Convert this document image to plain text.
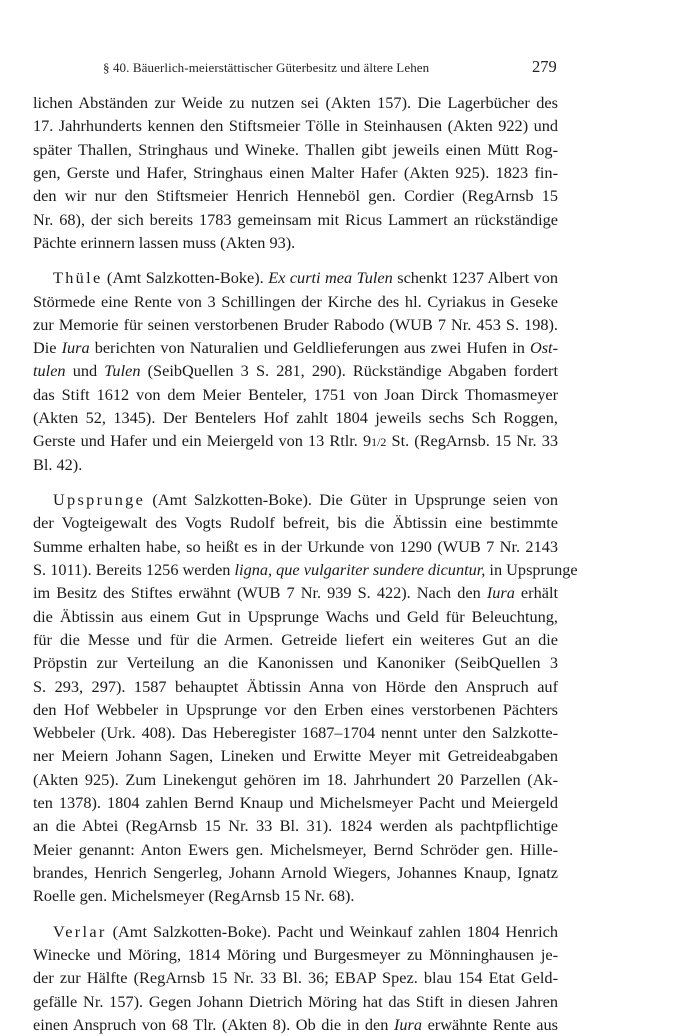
§ 40. Bäuerlich-meierstättischer Güterbesitz und ältere Lehen	279
lichen Abständen zur Weide zu nutzen sei (Akten 157). Die Lagerbücher des
17. Jahrhunderts kennen den Stiftsmeier Tölle in Steinhausen (Akten 922) und
später Thallen, Stringhaus und Wineke. Thallen gibt jeweils einen Mütt Rog-
gen, Gerste und Hafer, Stringhaus einen Malter Hafer (Akten 925). 1823 fin-
den wir nur den Stiftsmeier Henrich Henneböl gen. Cordier (RegArnsb 15
Nr. 68), der sich bereits 1783 gemeinsam mit Ricus Lammert an rückständige
Pächte erinnern lassen muss (Akten 93).
Thüle (Amt Salzkotten-Boke). Ex curti mea Tulen schenkt 1237 Albert von
Störmede eine Rente von 3 Schillingen der Kirche des hl. Cyriakus in Geseke
zur Memorie für seinen verstorbenen Bruder Rabodo (WUB 7 Nr. 453 S. 198).
Die Iura berichten von Naturalien und Geldlieferungen aus zwei Hufen in Ost-
tulen und Tulen (SeibQuellen 3 S. 281, 290). Rückständige Abgaben fordert
das Stift 1612 von dem Meier Benteler, 1751 von Joan Dirck Thomasmeyer
(Akten 52, 1345). Der Bentelers Hof zahlt 1804 jeweils sechs Sch Roggen,
Gerste und Hafer und ein Meiergeld von 13 Rtlr. 91/2 St. (RegArnsb. 15 Nr. 33
Bl. 42).
Upsprunge (Amt Salzkotten-Boke). Die Güter in Upsprunge seien von
der Vogteigewalt des Vogts Rudolf befreit, bis die Äbtissin eine bestimmte
Summe erhalten habe, so heißt es in der Urkunde von 1290 (WUB 7 Nr. 2143
S. 1011). Bereits 1256 werden ligna, que vulgariter sundere dicuntur, in Upsprunge
im Besitz des Stiftes erwähnt (WUB 7 Nr. 939 S. 422). Nach den Iura erhält
die Äbtissin aus einem Gut in Upsprunge Wachs und Geld für Beleuchtung,
für die Messe und für die Armen. Getreide liefert ein weiteres Gut an die
Pröpstin zur Verteilung an die Kanonissen und Kanoniker (SeibQuellen 3
S. 293, 297). 1587 behauptet Äbtissin Anna von Hörde den Anspruch auf
den Hof Webbeler in Upsprunge vor den Erben eines verstorbenen Pächters
Webbeler (Urk. 408). Das Heberegister 1687–1704 nennt unter den Salzkotte-
ner Meiern Johann Sagen, Lineken und Erwitte Meyer mit Getreideabgaben
(Akten 925). Zum Linekengut gehören im 18. Jahrhundert 20 Parzellen (Ak-
ten 1378). 1804 zahlen Bernd Knaup und Michelsmeyer Pacht und Meiergeld
an die Abtei (RegArnsb 15 Nr. 33 Bl. 31). 1824 werden als pachtpflichtige
Meier genannt: Anton Ewers gen. Michelsmeyer, Bernd Schröder gen. Hille-
brandes, Henrich Sengerleg, Johann Arnold Wiegers, Johannes Knaup, Ignatz
Roelle gen. Michelsmeyer (RegArnsb 15 Nr. 68).
Verlar (Amt Salzkotten-Boke). Pacht und Weinkauf zahlen 1804 Henrich
Winecke und Möring, 1814 Möring und Burgesmeyer zu Mönninghausen je-
der zur Hälfte (RegArnsb 15 Nr. 33 Bl. 36; EBAP Spez. blau 154 Etat Geld-
gefälle Nr. 157). Gegen Johann Dietrich Möring hat das Stift in diesen Jahren
einen Anspruch von 68 Tlr. (Akten 8). Ob die in den Iura erwähnte Rente aus
